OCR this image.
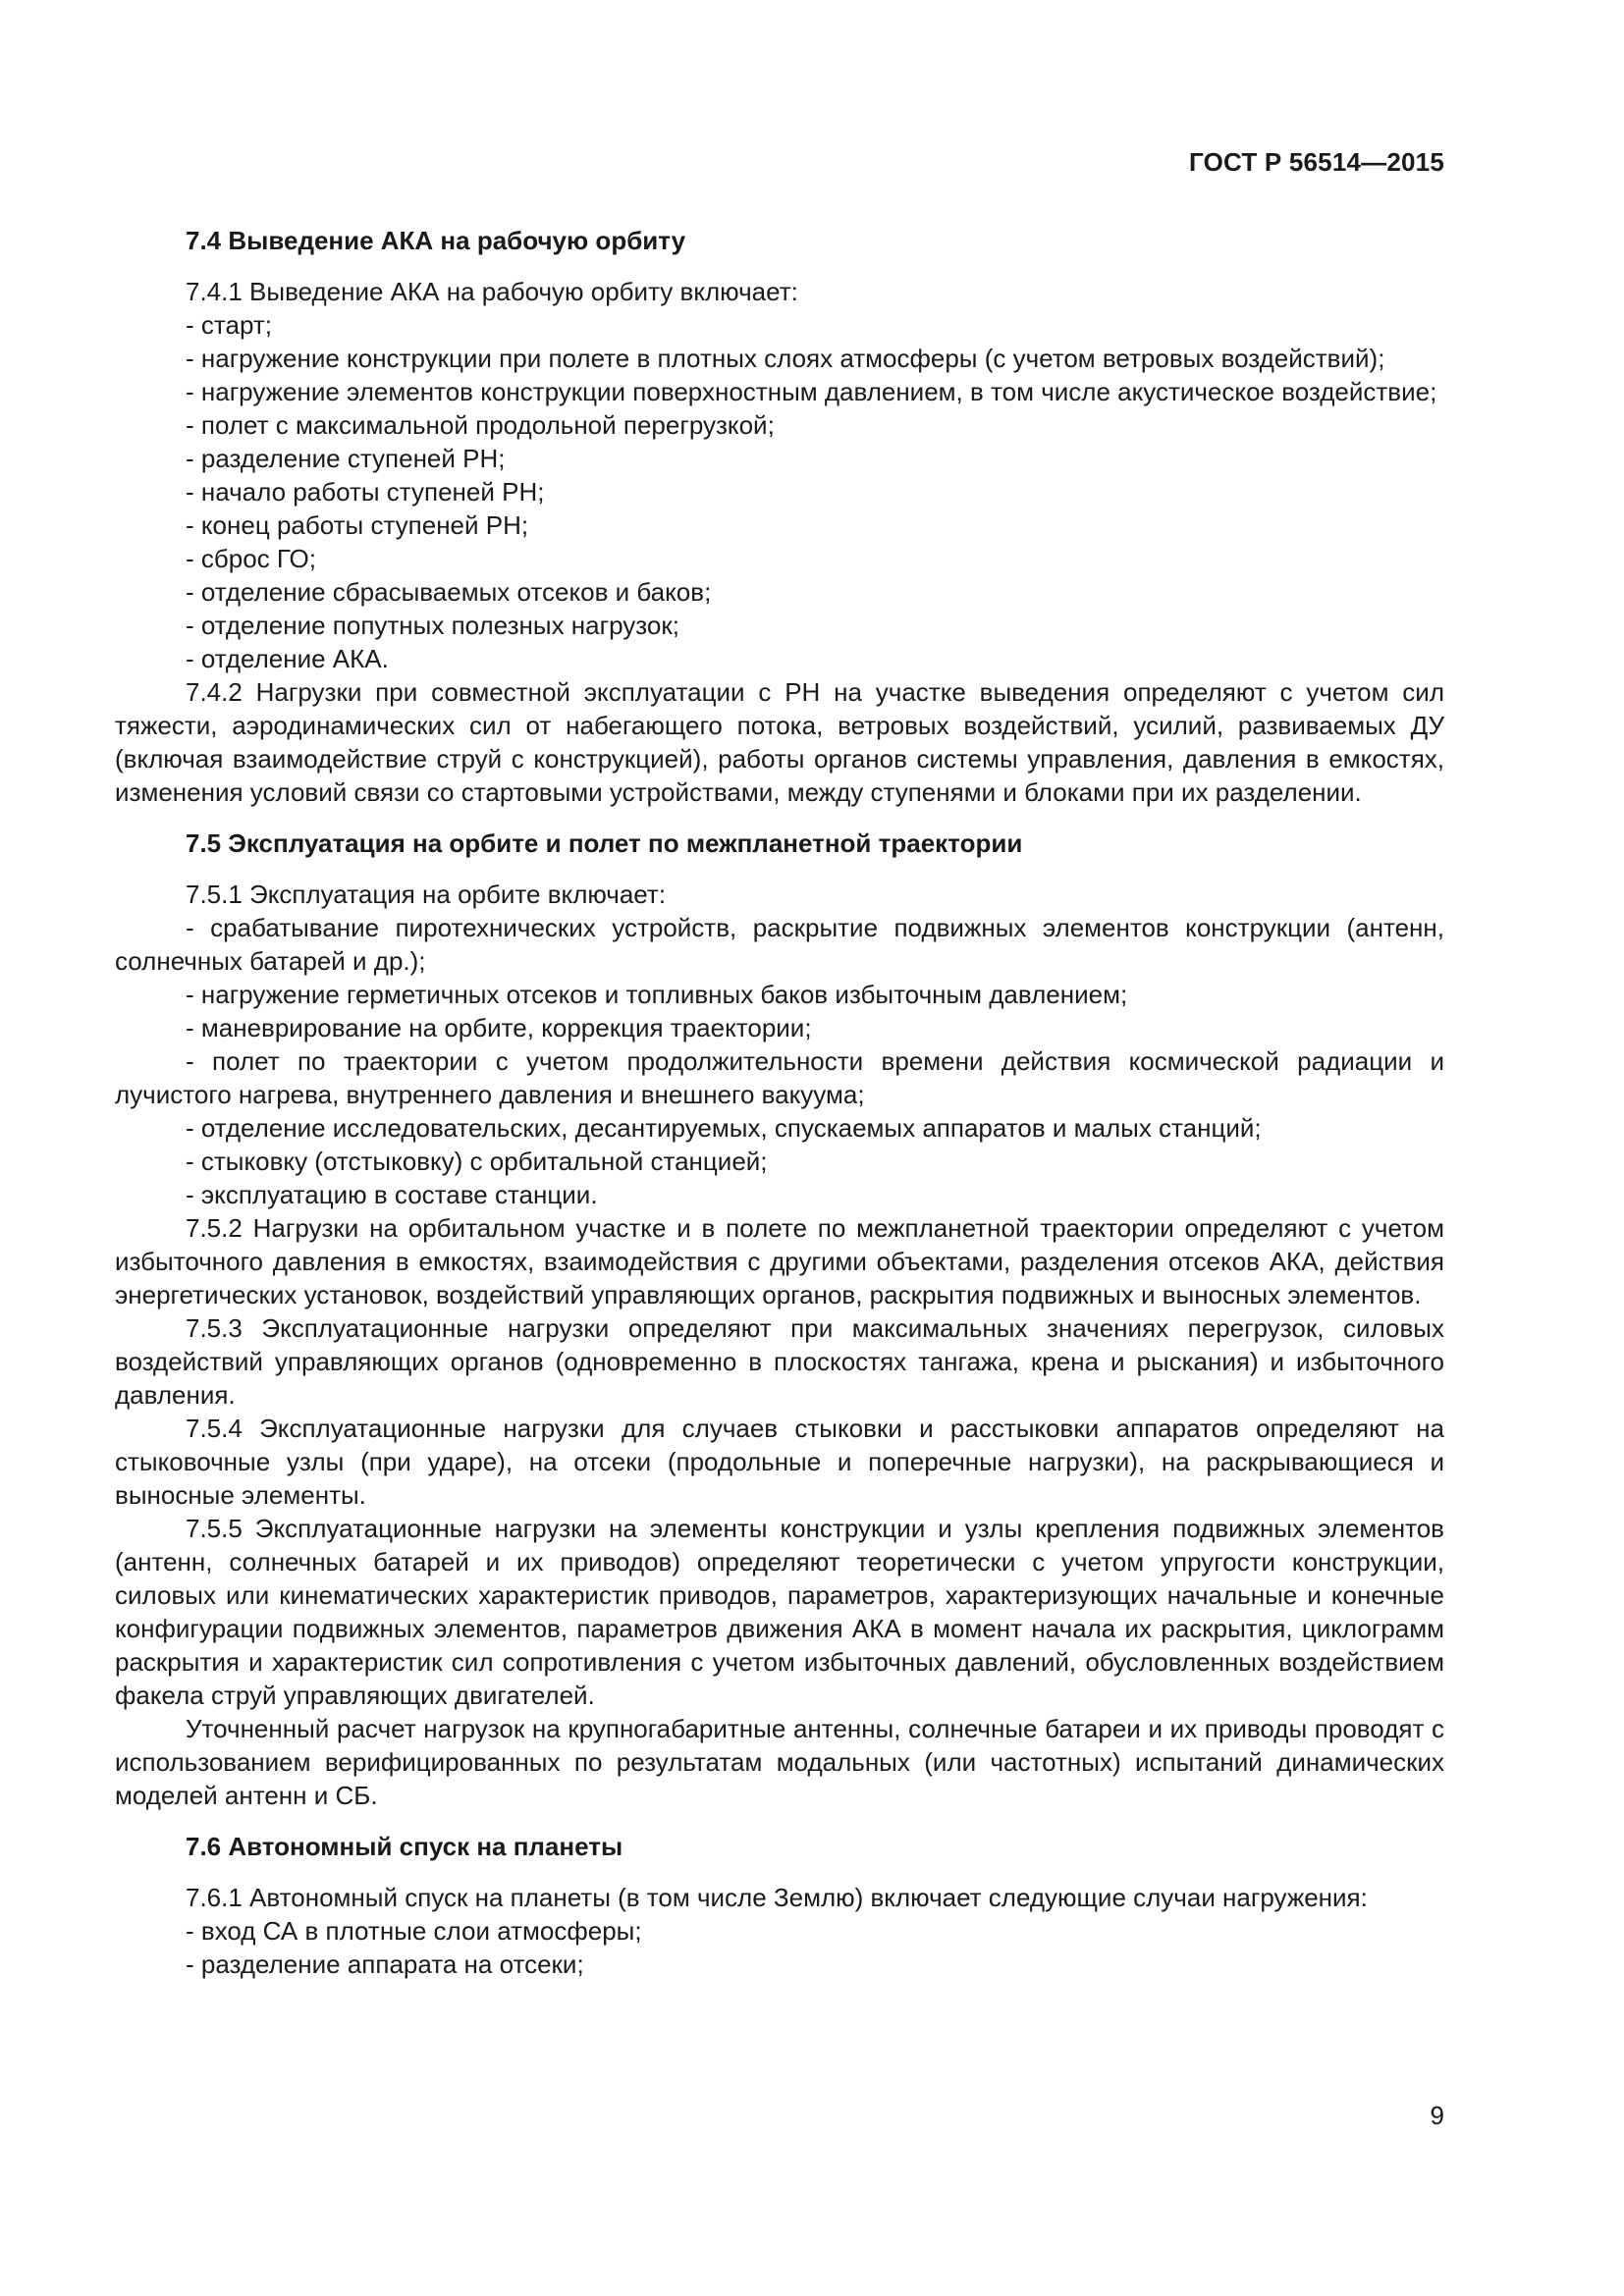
ГОСТ Р 56514—2015
7.4 Выведение АКА на рабочую орбиту

7.4.1 Выведение АКА на рабочую орбиту включает:

- старт;

- нагружение конструкции при полете в плотных слоях атмосферы (с учетом ветровых воздействий);

- нагружение элементов конструкции поверхностным давлением, в том числе акустическое воздействие;

- полет с максимальной продольной перегрузкой;

- разделение ступеней РН;

- начало работы ступеней РН;

- конец работы ступеней РН;

- сброс ГО;

- отделение сбрасываемых отсеков и баков;

- отделение попутных полезных нагрузок;

- отделение АКА.

7.4.2 Нагрузки при совместной эксплуатации с РН на участке выведения определяют с учетом сил тяжести, аэродинамических сил от набегающего потока, ветровых воздействий, усилий, развиваемых ДУ (включая взаимодействие струй с конструкцией), работы органов системы управления, давления в емкостях, изменения условий связи со стартовыми устройствами, между ступенями и блоками при их разделении.

7.5 Эксплуатация на орбите и полет по межпланетной траектории

7.5.1 Эксплуатация на орбите включает:

- срабатывание пиротехнических устройств, раскрытие подвижных элементов конструкции (антенн, солнечных батарей и др.);

- нагружение герметичных отсеков и топливных баков избыточным давлением;

- маневрирование на орбите, коррекция траектории;

- полет по траектории с учетом продолжительности времени действия космической радиации и лучистого нагрева, внутреннего давления и внешнего вакуума;

- отделение исследовательских, десантируемых, спускаемых аппаратов и малых станций;

- стыковку (отстыковку) с орбитальной станцией;

- эксплуатацию в составе станции.

7.5.2 Нагрузки на орбитальном участке и в полете по межпланетной траектории определяют с учетом избыточного давления в емкостях, взаимодействия с другими объектами, разделения отсеков АКА, действия энергетических установок, воздействий управляющих органов, раскрытия подвижных и выносных элементов.

7.5.3 Эксплуатационные нагрузки определяют при максимальных значениях перегрузок, силовых воздействий управляющих органов (одновременно в плоскостях тангажа, крена и рыскания) и избыточного давления.

7.5.4 Эксплуатационные нагрузки для случаев стыковки и расстыковки аппаратов определяют на стыковочные узлы (при ударе), на отсеки (продольные и поперечные нагрузки), на раскрывающиеся и выносные элементы.

7.5.5 Эксплуатационные нагрузки на элементы конструкции и узлы крепления подвижных элементов (антенн, солнечных батарей и их приводов) определяют теоретически с учетом упругости конструкции, силовых или кинематических характеристик приводов, параметров, характеризующих начальные и конечные конфигурации подвижных элементов, параметров движения АКА в момент начала их раскрытия, циклограмм раскрытия и характеристик сил сопротивления с учетом избыточных давлений, обусловленных воздействием факела струй управляющих двигателей.

Уточненный расчет нагрузок на крупногабаритные антенны, солнечные батареи и их приводы проводят с использованием верифицированных по результатам модальных (или частотных) испытаний динамических моделей антенн и СБ.

7.6 Автономный спуск на планеты

7.6.1 Автономный спуск на планеты (в том числе Землю) включает следующие случаи нагружения:

- вход СА в плотные слои атмосферы;

- разделение аппарата на отсеки;

9
